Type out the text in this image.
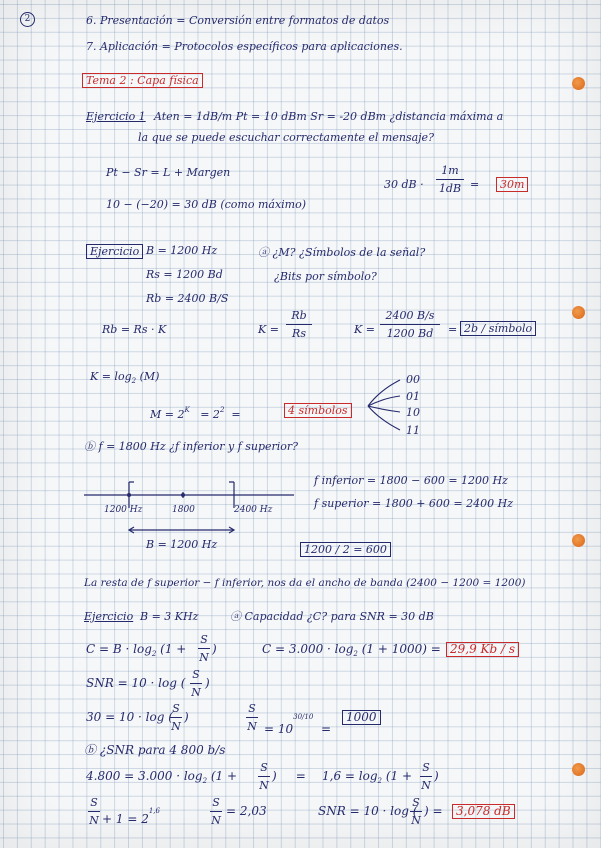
2	6. Presentación = Conversión entre formatos de datos
7. Aplicación = Protocolos específicos para aplicaciones.
Tema 2 : Capa física
Ejercicio 1 Aten = 1dB/m Pt = 10 dBm Sr = -20 dBm ¿distancia máxima a
la que se puede escuchar correctamente el mensaje?
Pt − Sr = L + Margen
10 − (−20) = 30 dB (como máximo)
30 dB ·
1m
1dB =	30m
Ejercicio B = 1200 Hz
Rs = 1200 Bd
Rb = 2400 B/S
ⓐ ¿M? ¿Símbolos de la señal?
¿Bits por símbolo?
Rb = Rs · K	K =
Rb
Rs	K =
2400 B/s
1200 Bd	= 2b / símbolo
$K = \log_2 (M)$
$M = 2^K = 2^2$  =	4 símbolos
00
01
10
11
ⓑ f = 1800 Hz ¿f inferior y f superior?
f inferior = 1800 − 600 = 1200 Hz
f superior = 1800 + 600 = 2400 Hz
1200 Hz	1800	2400 Hz
B = 1200 Hz	1200 / 2 = 600
La resta de f superior − f inferior, nos da el ancho de banda (2400 − 1200 = 1200)
Ejercicio B = 3 KHz	ⓐ Capacidad ¿C? para SNR = 30 dB
$C = B \cdot \log_2 (1$ +
S
N
)	$C = 3.000 \cdot \log_2 (1 + 1000) = 29,9$ Kb / s
SNR = 10 · log (
S
N
)
30 = 10 · log (
S
N
)
S
$N = 10^{30/10}$  =
1000
ⓑ ¿SNR para 4 800 b/s
$4.800 = 3.000 \cdot \log_2 (1$ +
S
N
)     = $1,6 = \log_2 (1$ +
S
N
)
S
$N + 1 = 2^{1,6}$
S
N
= 2,03	SNR = 10 · log (
S
N
) =	3,078 dB
